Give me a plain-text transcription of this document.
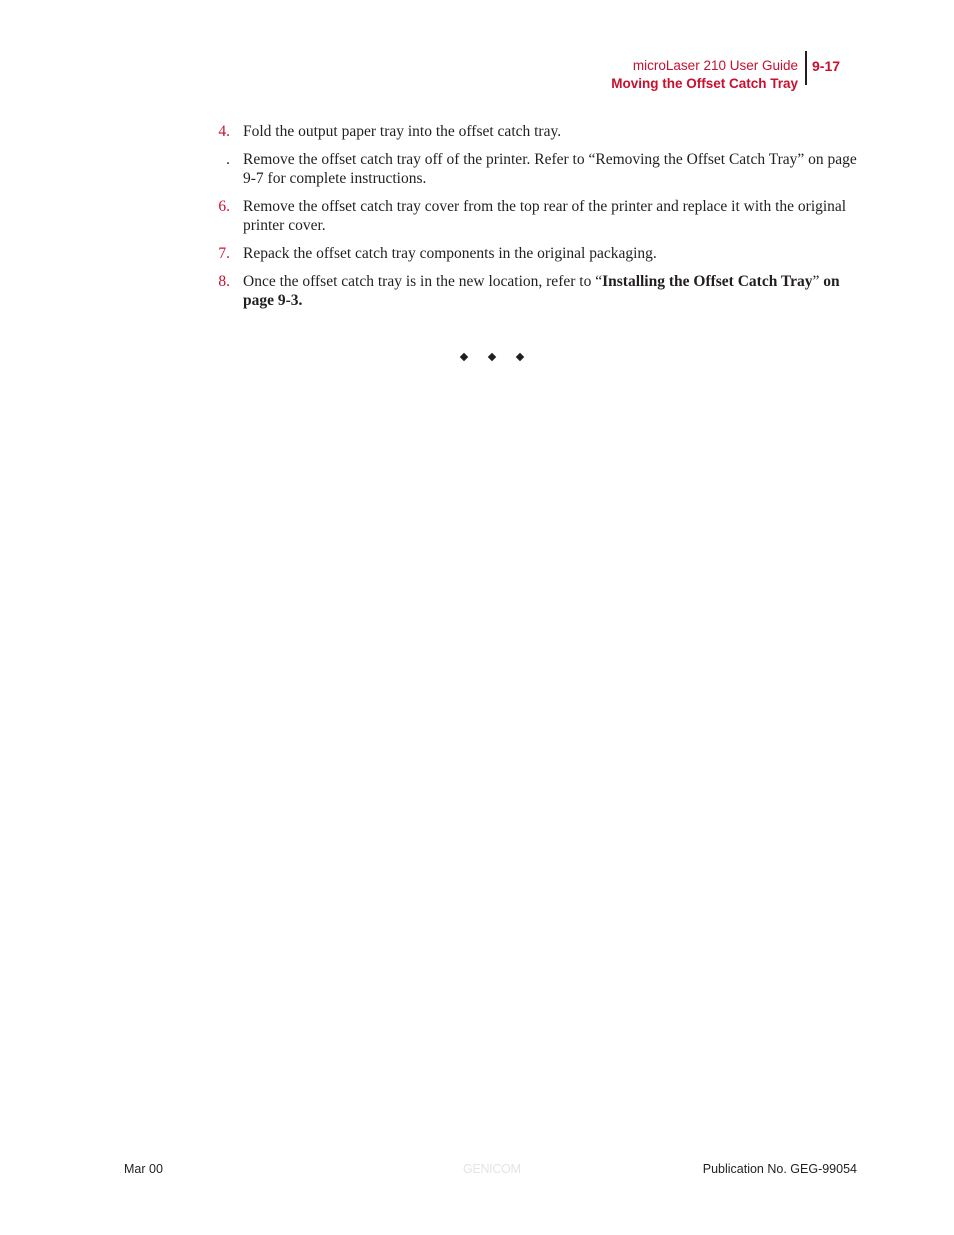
microLaser 210 User Guide
Moving the Offset Catch Tray
9-17
4. Fold the output paper tray into the offset catch tray.
. Remove the offset catch tray off of the printer. Refer to “Removing the Offset Catch Tray” on page 9-7 for complete instructions.
6. Remove the offset catch tray cover from the top rear of the printer and replace it with the original printer cover.
7. Repack the offset catch tray components in the original packaging.
8. Once the offset catch tray is in the new location, refer to “Installing the Offset Catch Tray” on page 9-3.
Mar 00	GENICOM	Publication No. GEG-99054
